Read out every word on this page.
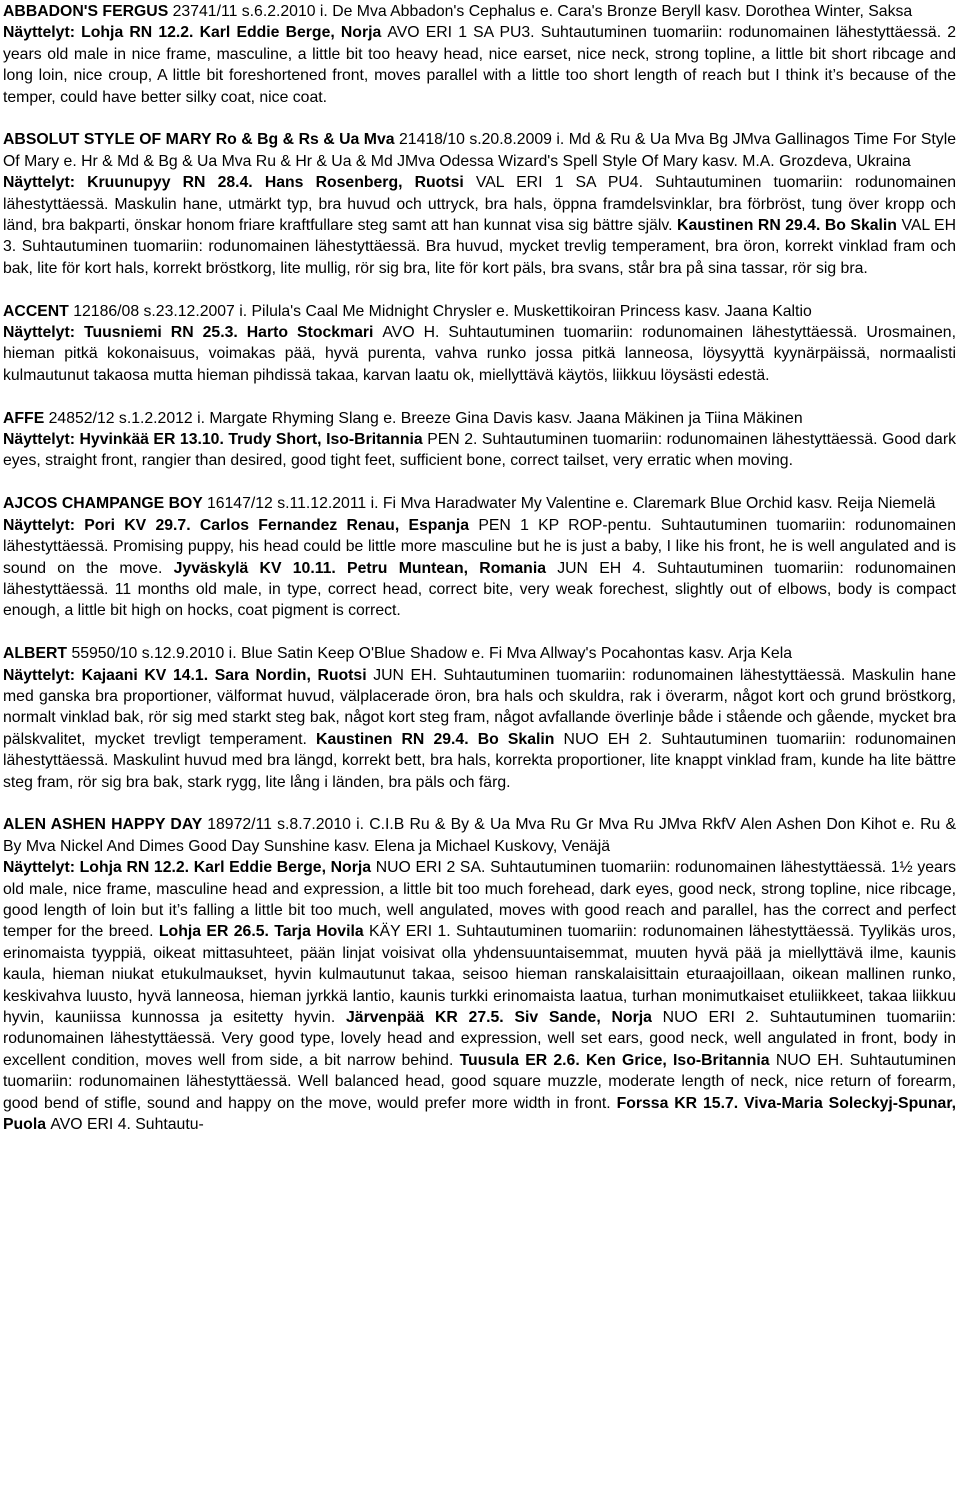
ABBADON'S FERGUS 23741/11 s.6.2.2010 i. De Mva Abbadon's Cephalus e. Cara's Bronze Beryll kasv. Dorothea Winter, Saksa

Näyttelyt: Lohja RN 12.2. Karl Eddie Berge, Norja AVO ERI 1 SA PU3. Suhtautuminen tuomariin: rodunomainen lähestyttäessä. 2 years old male in nice frame, masculine, a little bit too heavy head, nice earset, nice neck, strong topline, a little bit short ribcage and long loin, nice croup, A little bit foreshortened front, moves parallel with a little too short length of reach but I think it’s because of the temper, could have better silky coat, nice coat.

ABSOLUT STYLE OF MARY Ro & Bg & Rs & Ua Mva 21418/10 s.20.8.2009 i. Md & Ru & Ua Mva Bg JMva Gallinagos Time For Style Of Mary e. Hr & Md & Bg & Ua Mva Ru & Hr & Ua & Md JMva Odessa Wizard's Spell Style Of Mary kasv. M.A. Grozdeva, Ukraina

Näyttelyt: Kruunupyy RN 28.4. Hans Rosenberg, Ruotsi VAL ERI 1 SA PU4. Suhtautuminen tuomariin: rodunomainen lähestyttäessä. Maskulin hane, utmärkt typ, bra huvud och uttryck, bra hals, öppna framdelsvinklar, bra förbröst, tung över kropp och länd, bra bakparti, önskar honom friare kraftfullare steg samt att han kunnat visa sig bättre själv. Kaustinen RN 29.4. Bo Skalin VAL EH 3. Suhtautuminen tuomariin: rodunomainen lähestyttäessä. Bra huvud, mycket trevlig temperament, bra öron, korrekt vinklad fram och bak, lite för kort hals, korrekt bröstkorg, lite mullig, rör sig bra, lite för kort päls, bra svans, står bra på sina tassar, rör sig bra.

ACCENT 12186/08 s.23.12.2007 i. Pilula's Caal Me Midnight Chrysler e. Muskettikoiran Princess kasv. Jaana Kaltio

Näyttelyt: Tuusniemi RN 25.3. Harto Stockmari AVO H. Suhtautuminen tuomariin: rodunomainen lähestyttäessä. Urosmainen, hieman pitkä kokonaisuus, voimakas pää, hyvä purenta, vahva runko jossa pitkä lanneosa, löysyyttä kyynärpäissä, normaalisti kulmautunut takaosa mutta hieman pihdissä takaa, karvan laatu ok, miellyttävä käytös, liikkuu löysästi edestä.

AFFE 24852/12 s.1.2.2012 i. Margate Rhyming Slang e. Breeze Gina Davis kasv. Jaana Mäkinen ja Tiina Mäkinen

Näyttelyt: Hyvinkää ER 13.10. Trudy Short, Iso-Britannia PEN 2. Suhtautuminen tuomariin: rodunomainen lähestyttäessä. Good dark eyes, straight front, rangier than desired, good tight feet, sufficient bone, correct tailset, very erratic when moving.

AJCOS CHAMPANGE BOY 16147/12 s.11.12.2011 i. Fi Mva Haradwater My Valentine e. Claremark Blue Orchid kasv. Reija Niemelä

Näyttelyt: Pori KV 29.7. Carlos Fernandez Renau, Espanja PEN 1 KP ROP-pentu. Suhtautuminen tuomariin: rodunomainen lähestyttäessä. Promising puppy, his head could be little more masculine but he is just a baby, I like his front, he is well angulated and is sound on the move. Jyväskylä KV 10.11. Petru Muntean, Romania JUN EH 4. Suhtautuminen tuomariin: rodunomainen lähestyttäessä. 11 months old male, in type, correct head, correct bite, very weak forechest, slightly out of elbows, body is compact enough, a little bit high on hocks, coat pigment is correct.

ALBERT 55950/10 s.12.9.2010 i. Blue Satin Keep O'Blue Shadow e. Fi Mva Allway's Pocahontas kasv. Arja Kela

Näyttelyt: Kajaani KV 14.1. Sara Nordin, Ruotsi JUN EH. Suhtautuminen tuomariin: rodunomainen lähestyttäessä. Maskulin hane med ganska bra proportioner, välformat huvud, välplacerade öron, bra hals och skuldra, rak i överarm, något kort och grund bröstkorg, normalt vinklad bak, rör sig med starkt steg bak, något kort steg fram, något avfallande överlinje både i stående och gående, mycket bra pälskvalitet, mycket trevligt temperament. Kaustinen RN 29.4. Bo Skalin NUO EH 2. Suhtautuminen tuomariin: rodunomainen lähestyttäessä. Maskulint huvud med bra längd, korrekt bett, bra hals, korrekta proportioner, lite knappt vinklad fram, kunde ha lite bättre steg fram, rör sig bra bak, stark rygg, lite lång i länden, bra päls och färg.

ALEN ASHEN HAPPY DAY 18972/11 s.8.7.2010 i. C.I.B Ru & By & Ua Mva Ru Gr Mva Ru JMva RkfV Alen Ashen Don Kihot e. Ru & By Mva Nickel And Dimes Good Day Sunshine kasv. Elena ja Michael Kuskovy, Venäjä

Näyttelyt: Lohja RN 12.2. Karl Eddie Berge, Norja NUO ERI 2 SA. Suhtautuminen tuomariin: rodunomainen lähestyttäessä. 1½ years old male, nice frame, masculine head and expression, a little bit too much forehead, dark eyes, good neck, strong topline, nice ribcage, good length of loin but it’s falling a little bit too much, well angulated, moves with good reach and parallel, has the correct and perfect temper for the breed. Lohja ER 26.5. Tarja Hovila KÄY ERI 1. Suhtautuminen tuomariin: rodunomainen lähestyttäessä. Tyylikäs uros, erinomaista tyyppiä, oikeat mittasuhteet, pään linjat voisivat olla yhdensuuntaisemmat, muuten hyvä pää ja miellyttävä ilme, kaunis kaula, hieman niukat etukulmaukset, hyvin kulmautunut takaa, seisoo hieman ranskalaisittain eturaajoillaan, oikean mallinen runko, keskivahva luusto, hyvä lanneosa, hieman jyrkkä lantio, kaunis turkki erinomaista laatua, turhan monimutkaiset etuliikkeet, takaa liikkuu hyvin, kauniissa kunnossa ja esitetty hyvin. Järvenpää KR 27.5. Siv Sande, Norja NUO ERI 2. Suhtautuminen tuomariin: rodunomainen lähestyttäessä. Very good type, lovely head and expression, well set ears, good neck, well angulated in front, body in excellent condition, moves well from side, a bit narrow behind. Tuusula ER 2.6. Ken Grice, Iso-Britannia NUO EH. Suhtautuminen tuomariin: rodunomainen lähestyttäessä. Well balanced head, good square muzzle, moderate length of neck, nice return of forearm, good bend of stifle, sound and happy on the move, would prefer more width in front. Forssa KR 15.7. Viva-Maria Soleckyj-Spunar, Puola AVO ERI 4. Suhtautu-
